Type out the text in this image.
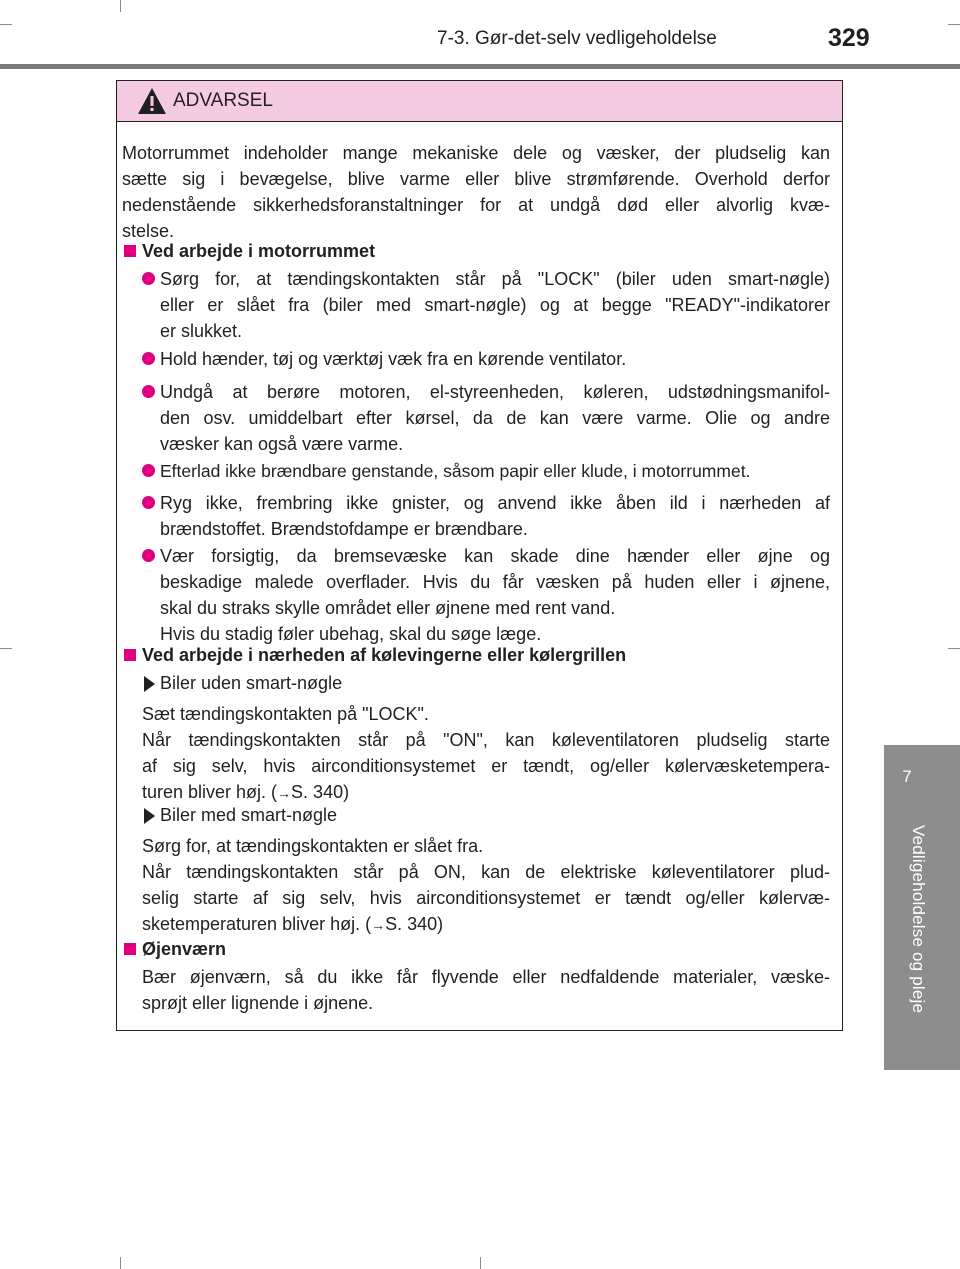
7-3. Gør-det-selv vedligeholdelse	329
7
Vedligeholdelse og pleje
ADVARSEL
Motorrummet indeholder mange mekaniske dele og væsker, der pludselig kan
sætte sig i bevægelse, blive varme eller blive strømførende. Overhold derfor
nedenstående sikkerhedsforanstaltninger for at undgå død eller alvorlig kvæ-
stelse.
Ved arbejde i motorrummet
Sørg for, at tændingskontakten står på "LOCK" (biler uden smart-nøgle)
eller er slået fra (biler med smart-nøgle) og at begge "READY"-indikatorer
er slukket.
Hold hænder, tøj og værktøj væk fra en kørende ventilator.
Undgå at berøre motoren, el-styreenheden, køleren, udstødningsmanifol-
den osv. umiddelbart efter kørsel, da de kan være varme. Olie og andre
væsker kan også være varme.
Efterlad ikke brændbare genstande, såsom papir eller klude, i motorrummet.
Ryg ikke, frembring ikke gnister, og anvend ikke åben ild i nærheden af
brændstoffet. Brændstofdampe er brændbare.
Vær forsigtig, da bremsevæske kan skade dine hænder eller øjne og
beskadige malede overflader. Hvis du får væsken på huden eller i øjnene,
skal du straks skylle området eller øjnene med rent vand.
Hvis du stadig føler ubehag, skal du søge læge.
Ved arbejde i nærheden af kølevingerne eller kølergrillen
Biler uden smart-nøgle
Sæt tændingskontakten på "LOCK".
Når tændingskontakten står på "ON", kan køleventilatoren pludselig starte
af sig selv, hvis airconditionsystemet er tændt, og/eller kølervæsketempera-
turen bliver høj. (→S. 340)
Biler med smart-nøgle
Sørg for, at tændingskontakten er slået fra.
Når tændingskontakten står på ON, kan de elektriske køleventilatorer plud-
selig starte af sig selv, hvis airconditionsystemet er tændt og/eller kølervæ-
sketemperaturen bliver høj. (→S. 340)
Øjenværn
Bær øjenværn, så du ikke får flyvende eller nedfaldende materialer, væske-
sprøjt eller lignende i øjnene.
